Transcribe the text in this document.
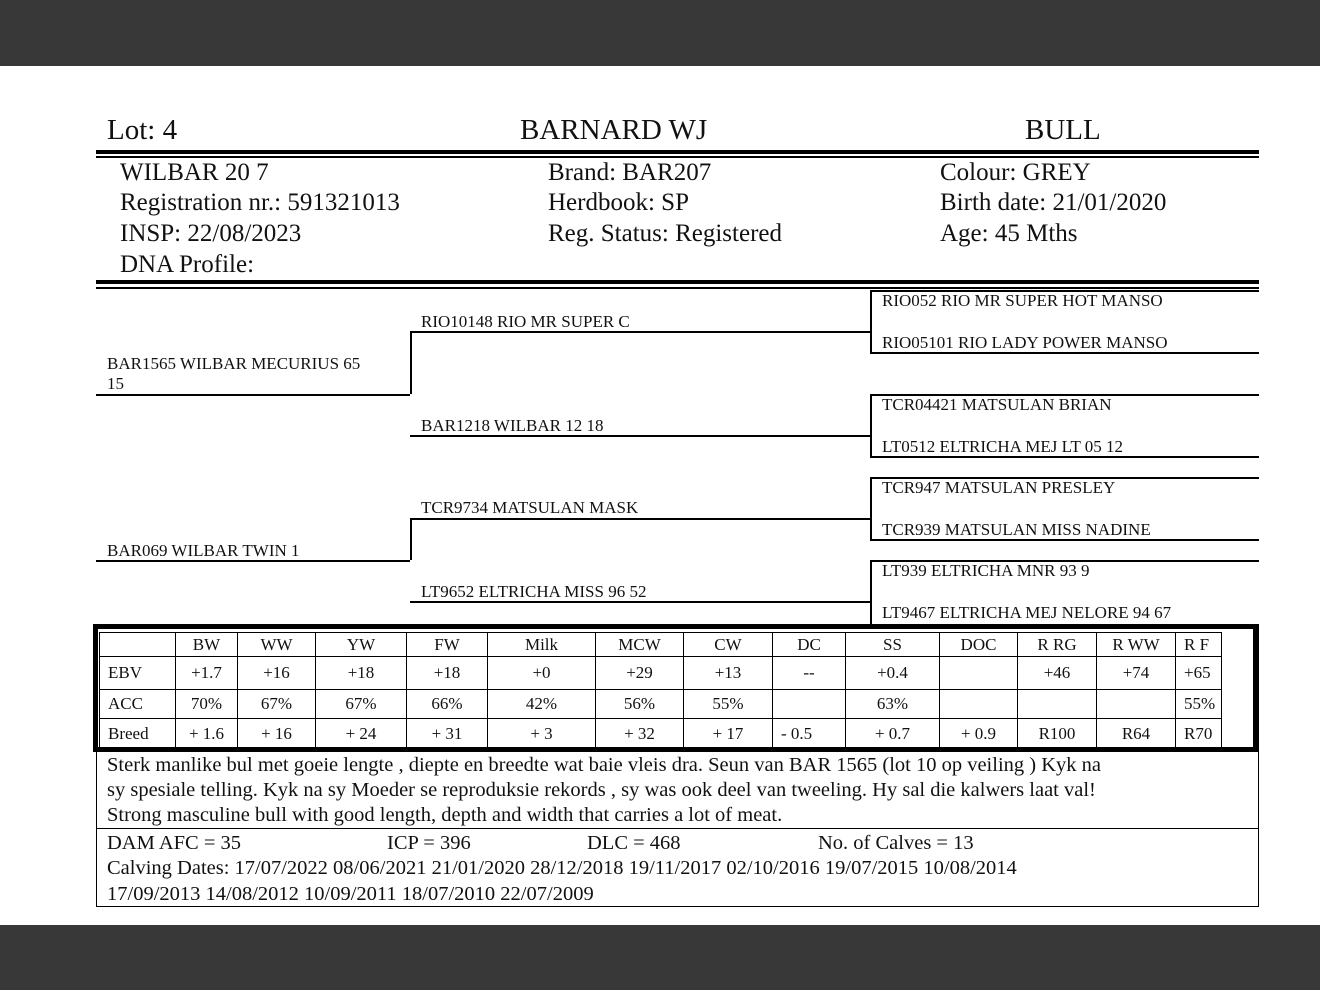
Lot: 4	BARNARD WJ	BULL
WILBAR 20 7
Registration nr.: 591321013
INSP: 22/08/2023
DNA Profile:
Brand: BAR207
Herdbook: SP
Reg. Status: Registered
Colour: GREY
Birth date: 21/01/2020
Age: 45 Mths
BAR1565 WILBAR MECURIUS 65
15
RIO10148 RIO MR SUPER C
BAR1218 WILBAR 12 18
RIO052 RIO MR SUPER HOT MANSO
RIO05101 RIO LADY POWER MANSO
TCR04421 MATSULAN BRIAN
LT0512 ELTRICHA MEJ LT 05 12
BAR069 WILBAR TWIN 1
TCR9734 MATSULAN MASK
LT9652 ELTRICHA MISS 96 52
TCR947 MATSULAN PRESLEY
TCR939 MATSULAN MISS NADINE
LT939 ELTRICHA MNR 93 9
LT9467 ELTRICHA MEJ NELORE 94 67
	BW	WW	YW	FW	Milk	MCW	CW	DC	SS	DOC	R RG	R WW	R F
EBV	+1.7	+16	+18	+18	+0	+29	+13	--	+0.4		+46	+74	+65
ACC	70%	67%	67%	66%	42%	56%	55%		63%				55%
Breed	+ 1.6	+ 16	+ 24	+ 31	+ 3	+ 32	+ 17	- 0.5	+ 0.7	+ 0.9	R100	R64	R70
Sterk manlike bul met goeie lengte , diepte en breedte wat baie vleis dra. Seun van BAR 1565 (lot 10 op veiling ) Kyk na
sy spesiale telling. Kyk na sy Moeder se reproduksie rekords , sy was ook deel van tweeling. Hy sal die kalwers laat val!
Strong masculine bull with good length, depth and width that carries a lot of meat.
DAM AFC = 35	ICP = 396	DLC = 468	No. of Calves = 13
Calving Dates: 17/07/2022 08/06/2021 21/01/2020 28/12/2018 19/11/2017 02/10/2016 19/07/2015 10/08/2014
17/09/2013 14/08/2012 10/09/2011 18/07/2010 22/07/2009
